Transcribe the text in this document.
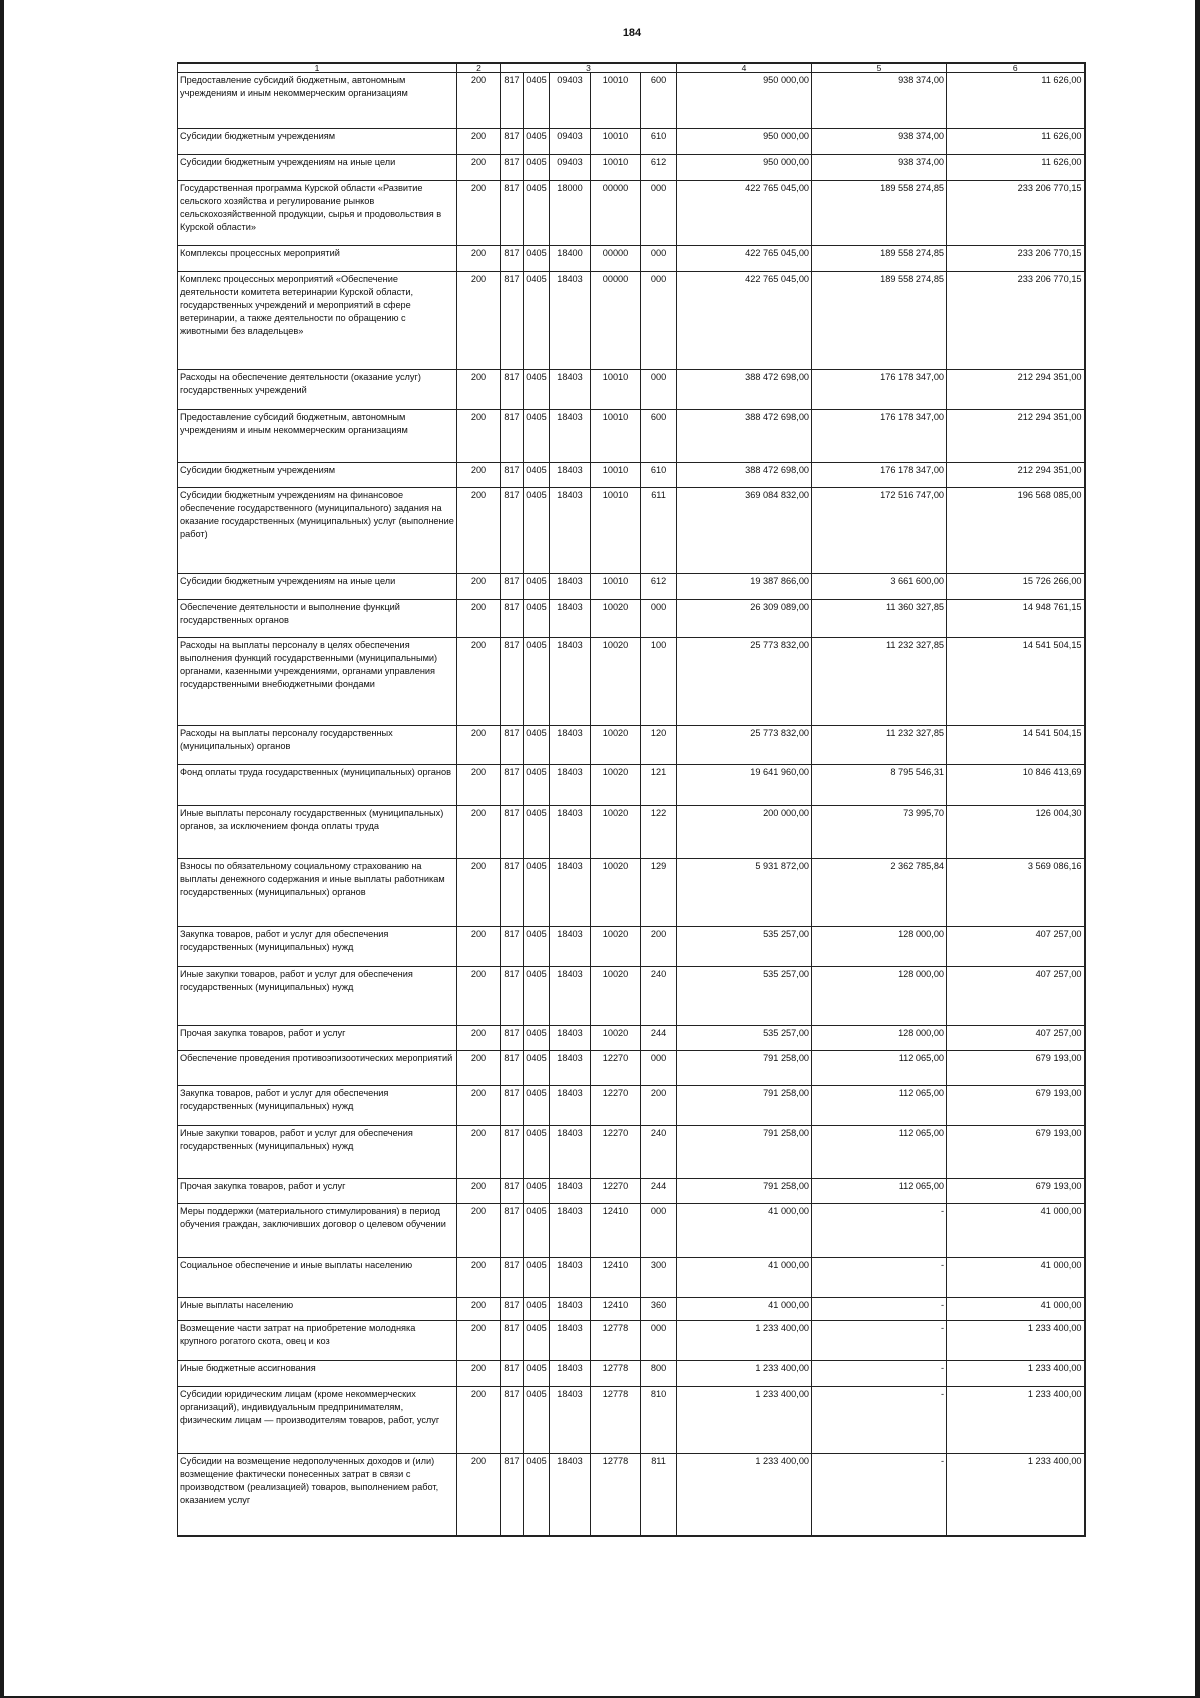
184
1	2	3					4	5	6
Предоставление субсидий бюджетным, автономным учреждениям и иным некоммерческим организациям	200	817	0405	09403	10010	600	950 000,00	938 374,00	11 626,00
Субсидии бюджетным учреждениям	200	817	0405	09403	10010	610	950 000,00	938 374,00	11 626,00
Субсидии бюджетным учреждениям на иные цели	200	817	0405	09403	10010	612	950 000,00	938 374,00	11 626,00
Государственная программа Курской области «Развитие сельского хозяйства и регулирование рынков сельскохозяйственной продукции, сырья и продовольствия в Курской области»	200	817	0405	18000	00000	000	422 765 045,00	189 558 274,85	233 206 770,15
Комплексы процессных мероприятий	200	817	0405	18400	00000	000	422 765 045,00	189 558 274,85	233 206 770,15
Комплекс процессных мероприятий «Обеспечение деятельности комитета ветеринарии Курской области, государственных учреждений и мероприятий в сфере ветеринарии, а также деятельности по обращению с животными без владельцев»	200	817	0405	18403	00000	000	422 765 045,00	189 558 274,85	233 206 770,15
Расходы на обеспечение деятельности (оказание услуг) государственных учреждений	200	817	0405	18403	10010	000	388 472 698,00	176 178 347,00	212 294 351,00
Предоставление субсидий бюджетным, автономным учреждениям и иным некоммерческим организациям	200	817	0405	18403	10010	600	388 472 698,00	176 178 347,00	212 294 351,00
Субсидии бюджетным учреждениям	200	817	0405	18403	10010	610	388 472 698,00	176 178 347,00	212 294 351,00
Субсидии бюджетным учреждениям на финансовое обеспечение государственного (муниципального) задания на оказание государственных (муниципальных) услуг (выполнение работ)	200	817	0405	18403	10010	611	369 084 832,00	172 516 747,00	196 568 085,00
Субсидии бюджетным учреждениям на иные цели	200	817	0405	18403	10010	612	19 387 866,00	3 661 600,00	15 726 266,00
Обеспечение деятельности и выполнение функций государственных органов	200	817	0405	18403	10020	000	26 309 089,00	11 360 327,85	14 948 761,15
Расходы на выплаты персоналу в целях обеспечения выполнения функций государственными (муниципальными) органами, казенными учреждениями, органами управления государственными внебюджетными фондами	200	817	0405	18403	10020	100	25 773 832,00	11 232 327,85	14 541 504,15
Расходы на выплаты персоналу государственных (муниципальных) органов	200	817	0405	18403	10020	120	25 773 832,00	11 232 327,85	14 541 504,15
Фонд оплаты труда государственных (муниципальных) органов	200	817	0405	18403	10020	121	19 641 960,00	8 795 546,31	10 846 413,69
Иные выплаты персоналу государственных (муниципальных) органов, за исключением фонда оплаты труда	200	817	0405	18403	10020	122	200 000,00	73 995,70	126 004,30
Взносы по обязательному социальному страхованию на выплаты денежного содержания и иные выплаты работникам государственных (муниципальных) органов	200	817	0405	18403	10020	129	5 931 872,00	2 362 785,84	3 569 086,16
Закупка товаров, работ и услуг для обеспечения государственных (муниципальных) нужд	200	817	0405	18403	10020	200	535 257,00	128 000,00	407 257,00
Иные закупки товаров, работ и услуг для обеспечения государственных (муниципальных) нужд	200	817	0405	18403	10020	240	535 257,00	128 000,00	407 257,00
Прочая закупка товаров, работ и услуг	200	817	0405	18403	10020	244	535 257,00	128 000,00	407 257,00
Обеспечение проведения противоэпизоотических мероприятий	200	817	0405	18403	12270	000	791 258,00	112 065,00	679 193,00
Закупка товаров, работ и услуг для обеспечения государственных (муниципальных) нужд	200	817	0405	18403	12270	200	791 258,00	112 065,00	679 193,00
Иные закупки товаров, работ и услуг для обеспечения государственных (муниципальных) нужд	200	817	0405	18403	12270	240	791 258,00	112 065,00	679 193,00
Прочая закупка товаров, работ и услуг	200	817	0405	18403	12270	244	791 258,00	112 065,00	679 193,00
Меры поддержки (материального стимулирования) в период обучения граждан, заключивших договор о целевом обучении	200	817	0405	18403	12410	000	41 000,00	-	41 000,00
Социальное обеспечение и иные выплаты населению	200	817	0405	18403	12410	300	41 000,00	-	41 000,00
Иные выплаты населению	200	817	0405	18403	12410	360	41 000,00	-	41 000,00
Возмещение части затрат на приобретение молодняка крупного рогатого скота, овец и коз	200	817	0405	18403	12778	000	1 233 400,00	-	1 233 400,00
Иные бюджетные ассигнования	200	817	0405	18403	12778	800	1 233 400,00	-	1 233 400,00
Субсидии юридическим лицам (кроме некоммерческих организаций), индивидуальным предпринимателям, физическим лицам — производителям товаров, работ, услуг	200	817	0405	18403	12778	810	1 233 400,00	-	1 233 400,00
Субсидии на возмещение недополученных доходов и (или) возмещение фактически понесенных затрат в связи с производством (реализацией) товаров, выполнением работ, оказанием услуг	200	817	0405	18403	12778	811	1 233 400,00	-	1 233 400,00
